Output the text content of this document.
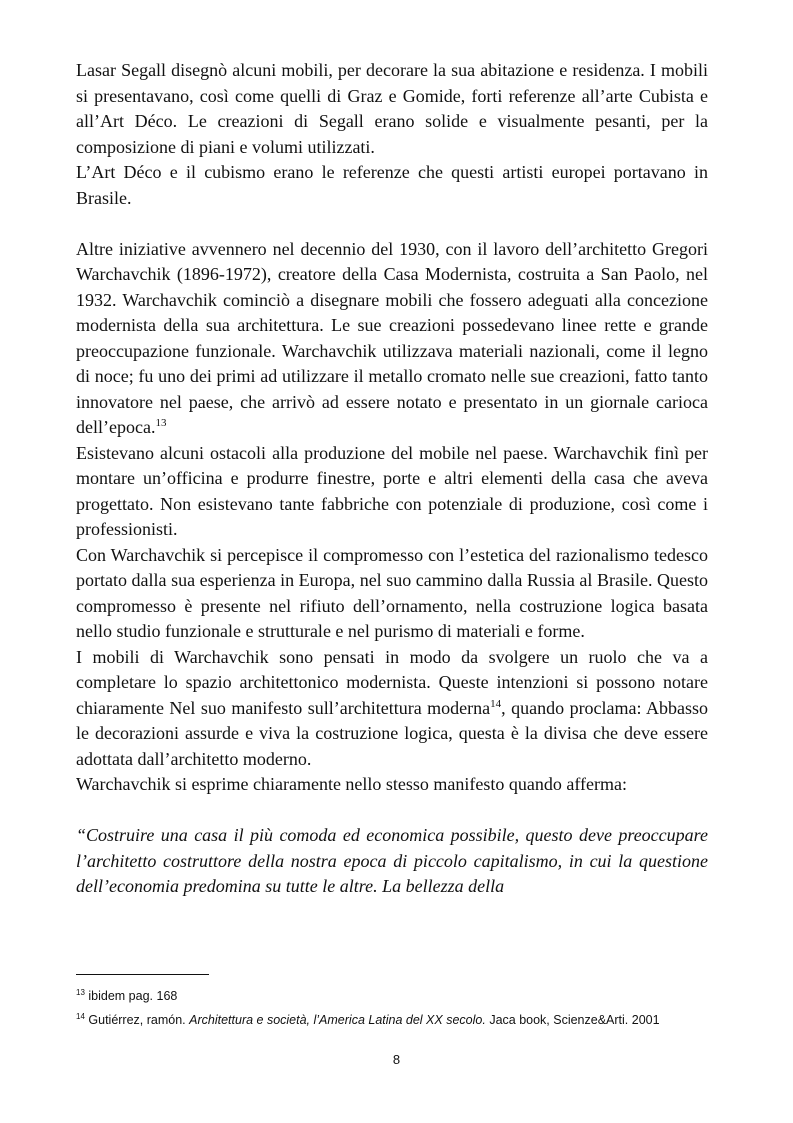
Lasar Segall disegnò alcuni mobili, per decorare la sua abitazione e residenza. I mobili si presentavano, così come quelli di Graz e Gomide, forti referenze all’arte Cubista e all’Art Déco. Le creazioni di Segall erano solide e visualmente pesanti, per la composizione di piani e volumi utilizzati.

L’Art Déco e il cubismo erano le referenze che questi artisti europei portavano in Brasile.

Altre iniziative avvennero nel decennio del 1930, con il lavoro dell’architetto Gregori Warchavchik (1896-1972), creatore della Casa Modernista, costruita a San Paolo, nel 1932. Warchavchik cominciò a disegnare mobili che fossero adeguati alla concezione modernista della sua architettura. Le sue creazioni possedevano linee rette e grande preoccupazione funzionale. Warchavchik utilizzava materiali nazionali, come il legno di noce; fu uno dei primi ad utilizzare il metallo cromato nelle sue creazioni, fatto tanto innovatore nel paese, che arrivò ad essere notato e presentato in un giornale carioca dell’epoca.$^{13}$

Esistevano alcuni ostacoli alla produzione del mobile nel paese. Warchavchik finì per montare un’officina e produrre finestre, porte e altri elementi della casa che aveva progettato. Non esistevano tante fabbriche con potenziale di produzione, così come i professionisti.

Con Warchavchik si percepisce il compromesso con l’estetica del razionalismo tedesco portato dalla sua esperienza in Europa, nel suo cammino dalla Russia al Brasile. Questo compromesso è presente nel rifiuto dell’ornamento, nella costruzione logica basata nello studio funzionale e strutturale e nel purismo di materiali e forme.

I mobili di Warchavchik sono pensati in modo da svolgere un ruolo che va a completare lo spazio architettonico modernista. Queste intenzioni si possono notare chiaramente Nel suo manifesto sull’architettura moderna$^{14}$, quando proclama: Abbasso le decorazioni assurde e viva la costruzione logica, questa è la divisa che deve essere adottata dall’architetto moderno.

Warchavchik si esprime chiaramente nello stesso manifesto quando afferma:

“Costruire una casa il più comoda ed economica possibile, questo deve preoccupare l’architetto costruttore della nostra epoca di piccolo capitalismo, in cui la questione dell’economia predomina su tutte le altre. La bellezza della

$^{13}$ ibidem pag. 168

$^{14}$ Gutiérrez, ramón. Architettura e società, l’America Latina del XX secolo. Jaca book, Scienze&Arti. 2001

8
